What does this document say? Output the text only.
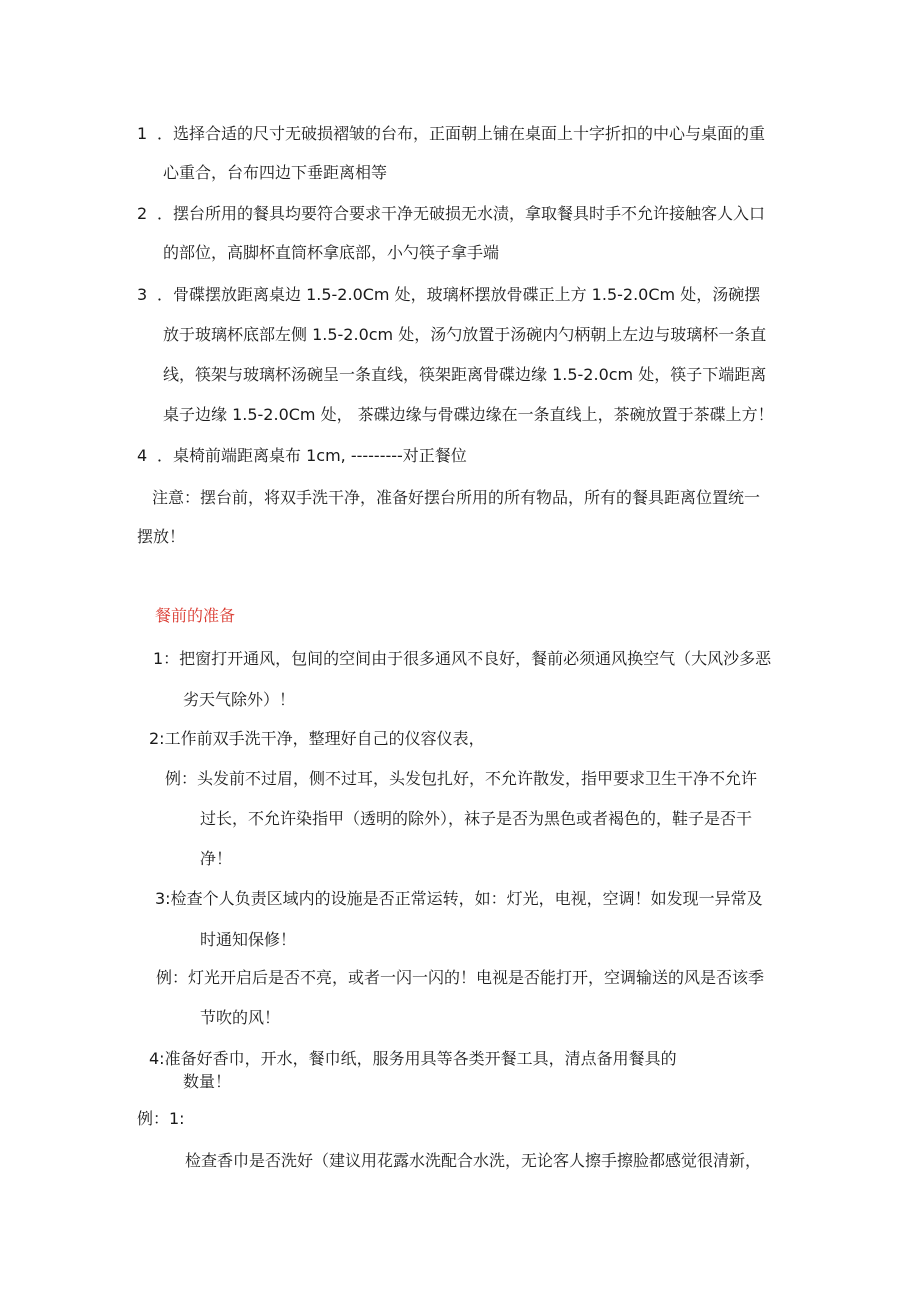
1 ．选择合适的尺寸无破损褶皱的台布，正面朝上铺在桌面上十字折扣的中心与桌面的重
心重合，台布四边下垂距离相等
2 ．摆台所用的餐具均要符合要求干净无破损无水渍，拿取餐具时手不允许接触客人入口
的部位，高脚杯直筒杯拿底部，小勺筷子拿手端
3 ．骨碟摆放距离桌边 1.5-2.0Cm 处，玻璃杯摆放骨碟正上方 1.5-2.0Cm 处，汤碗摆
放于玻璃杯底部左侧 1.5-2.0cm 处，汤勺放置于汤碗内勺柄朝上左边与玻璃杯一条直
线，筷架与玻璃杯汤碗呈一条直线，筷架距离骨碟边缘 1.5-2.0cm 处，筷子下端距离
桌子边缘 1.5-2.0Cm 处， 茶碟边缘与骨碟边缘在一条直线上，茶碗放置于茶碟上方！
4 ．桌椅前端距离桌布 1cm, ---------对正餐位
注意：摆台前，将双手洗干净，准备好摆台所用的所有物品，所有的餐具距离位置统一
摆放！
餐前的准备
1：把窗打开通风，包间的空间由于很多通风不良好，餐前必须通风换空气（大风沙多恶
劣天气除外）！
2:工作前双手洗干净，整理好自己的仪容仪表，
例：头发前不过眉，侧不过耳，头发包扎好，不允许散发，指甲要求卫生干净不允许
过长，不允许染指甲（透明的除外），袜子是否为黑色或者褐色的，鞋子是否干
净！
3:检查个人负责区域内的设施是否正常运转，如：灯光，电视，空调！如发现一异常及
时通知保修！
例：灯光开启后是否不亮，或者一闪一闪的！电视是否能打开，空调输送的风是否该季
节吹的风！
4:准备好香巾，开水，餐巾纸，服务用具等各类开餐工具，清点备用餐具的
数量！
例：1:
检查香巾是否洗好（建议用花露水洗配合水洗，无论客人擦手擦脸都感觉很清新，
